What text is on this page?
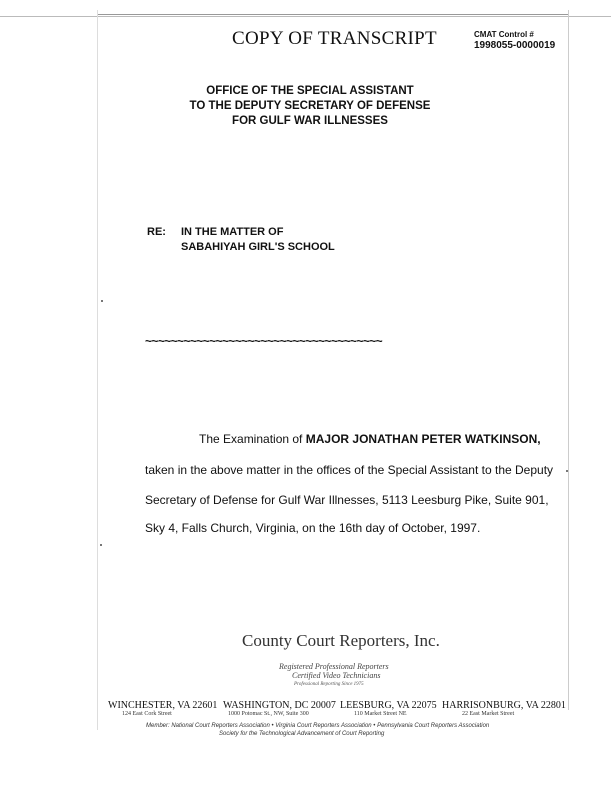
COPY OF TRANSCRIPT	CMAT Control #
1998055-0000019
OFFICE OF THE SPECIAL ASSISTANT
TO THE DEPUTY SECRETARY OF DEFENSE
FOR GULF WAR ILLNESSES
RE: IN THE MATTER OF
SABAHIYAH GIRL'S SCHOOL
~~~~~~~~~~~~~~~~~~~~~~~~~~~~~~~~~~~~~
The Examination of MAJOR JONATHAN PETER WATKINSON,
taken in the above matter in the offices of the Special Assistant to the Deputy
Secretary of Defense for Gulf War Illnesses, 5113 Leesburg Pike, Suite 901,
Sky 4, Falls Church, Virginia, on the 16th day of October, 1997.
County Court Reporters, Inc.
Registered Professional Reporters
Certified Video Technicians
Professional Reporting Since 1975
WINCHESTER, VA 22601
124 East Cork Street
WASHINGTON, DC 20007
1000 Potomac St., NW, Suite 300
LEESBURG, VA 22075
110 Market Street NE
HARRISONBURG, VA 22801
22 East Market Street
Member: National Court Reporters Association • Virginia Court Reporters Association • Pennsylvania Court Reporters Association
Society for the Technological Advancement of Court Reporting
